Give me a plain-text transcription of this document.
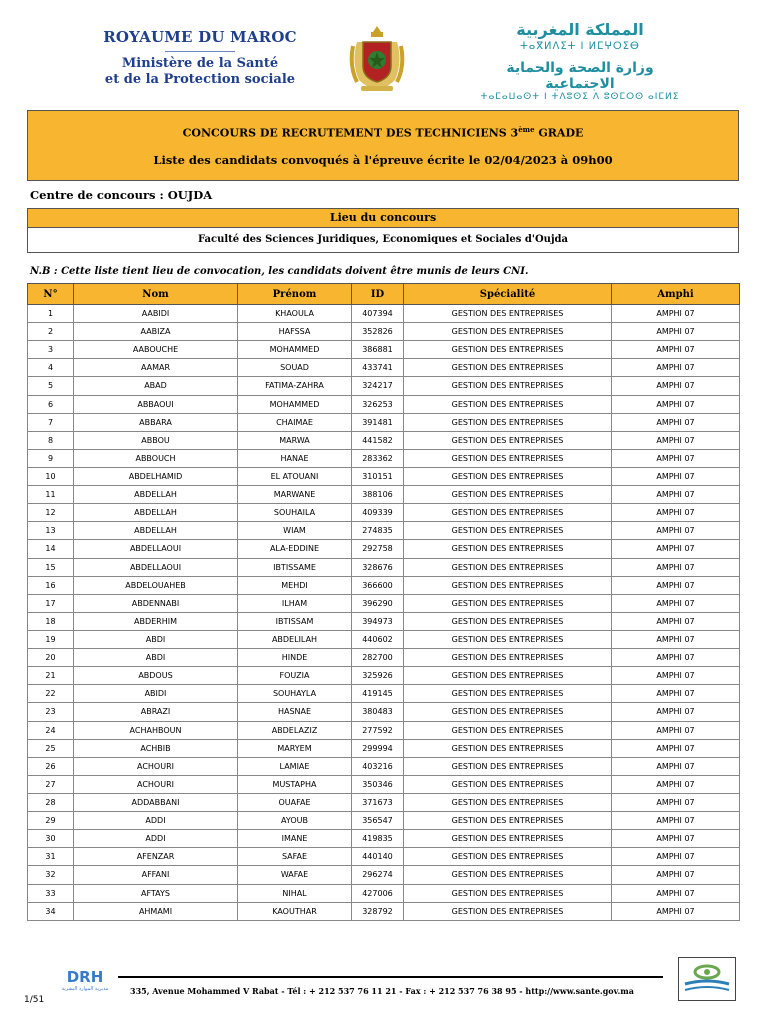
ROYAUME DU MAROC
Ministère de la Santé
et de la Protection sociale
المملكة المغربية
ⵜⴰⴳⵍⴷⵉⵜ ⵏ ⵍⵎⵖⵔⵉⴱ
وزارة الصحة والحماية الاجتماعية
ⵜⴰⵎⴰⵡⴰⵙⵜ ⵏ ⵜⴷⵓⵙⵉ ⴷ ⵓⵙⵎⵔⵙ ⴰⵏⵎⵍⵉ
CONCOURS DE RECRUTEMENT DES TECHNICIENS 3ème GRADE
Liste des candidats convoqués à l'épreuve écrite le 02/04/2023 à 09h00
Centre de concours : OUJDA
Lieu du concours
Faculté des Sciences Juridiques, Economiques et Sociales d'Oujda
N.B : Cette liste tient lieu de convocation, les candidats doivent être munis de leurs CNI.
N°	Nom	Prénom	ID	Spécialité	Amphi
1	AABIDI	KHAOULA	407394	GESTION DES ENTREPRISES	AMPHI 07
2	AABIZA	HAFSSA	352826	GESTION DES ENTREPRISES	AMPHI 07
3	AABOUCHE	MOHAMMED	386881	GESTION DES ENTREPRISES	AMPHI 07
4	AAMAR	SOUAD	433741	GESTION DES ENTREPRISES	AMPHI 07
5	ABAD	FATIMA-ZAHRA	324217	GESTION DES ENTREPRISES	AMPHI 07
6	ABBAOUI	MOHAMMED	326253	GESTION DES ENTREPRISES	AMPHI 07
7	ABBARA	CHAIMAE	391481	GESTION DES ENTREPRISES	AMPHI 07
8	ABBOU	MARWA	441582	GESTION DES ENTREPRISES	AMPHI 07
9	ABBOUCH	HANAE	283362	GESTION DES ENTREPRISES	AMPHI 07
10	ABDELHAMID	EL ATOUANI	310151	GESTION DES ENTREPRISES	AMPHI 07
11	ABDELLAH	MARWANE	388106	GESTION DES ENTREPRISES	AMPHI 07
12	ABDELLAH	SOUHAILA	409339	GESTION DES ENTREPRISES	AMPHI 07
13	ABDELLAH	WIAM	274835	GESTION DES ENTREPRISES	AMPHI 07
14	ABDELLAOUI	ALA-EDDINE	292758	GESTION DES ENTREPRISES	AMPHI 07
15	ABDELLAOUI	IBTISSAME	328676	GESTION DES ENTREPRISES	AMPHI 07
16	ABDELOUAHEB	MEHDI	366600	GESTION DES ENTREPRISES	AMPHI 07
17	ABDENNABI	ILHAM	396290	GESTION DES ENTREPRISES	AMPHI 07
18	ABDERHIM	IBTISSAM	394973	GESTION DES ENTREPRISES	AMPHI 07
19	ABDI	ABDELILAH	440602	GESTION DES ENTREPRISES	AMPHI 07
20	ABDI	HINDE	282700	GESTION DES ENTREPRISES	AMPHI 07
21	ABDOUS	FOUZIA	325926	GESTION DES ENTREPRISES	AMPHI 07
22	ABIDI	SOUHAYLA	419145	GESTION DES ENTREPRISES	AMPHI 07
23	ABRAZI	HASNAE	380483	GESTION DES ENTREPRISES	AMPHI 07
24	ACHAHBOUN	ABDELAZIZ	277592	GESTION DES ENTREPRISES	AMPHI 07
25	ACHBIB	MARYEM	299994	GESTION DES ENTREPRISES	AMPHI 07
26	ACHOURI	LAMIAE	403216	GESTION DES ENTREPRISES	AMPHI 07
27	ACHOURI	MUSTAPHA	350346	GESTION DES ENTREPRISES	AMPHI 07
28	ADDABBANI	OUAFAE	371673	GESTION DES ENTREPRISES	AMPHI 07
29	ADDI	AYOUB	356547	GESTION DES ENTREPRISES	AMPHI 07
30	ADDI	IMANE	419835	GESTION DES ENTREPRISES	AMPHI 07
31	AFENZAR	SAFAE	440140	GESTION DES ENTREPRISES	AMPHI 07
32	AFFANI	WAFAE	296274	GESTION DES ENTREPRISES	AMPHI 07
33	AFTAYS	NIHAL	427006	GESTION DES ENTREPRISES	AMPHI 07
34	AHMAMI	KAOUTHAR	328792	GESTION DES ENTREPRISES	AMPHI 07
DRH
مديرية الموارد البشرية	335, Avenue Mohammed V Rabat - Tél : + 212 537 76 11 21 - Fax : + 212 537 76 38 95 - http://www.sante.gov.ma
1/51
